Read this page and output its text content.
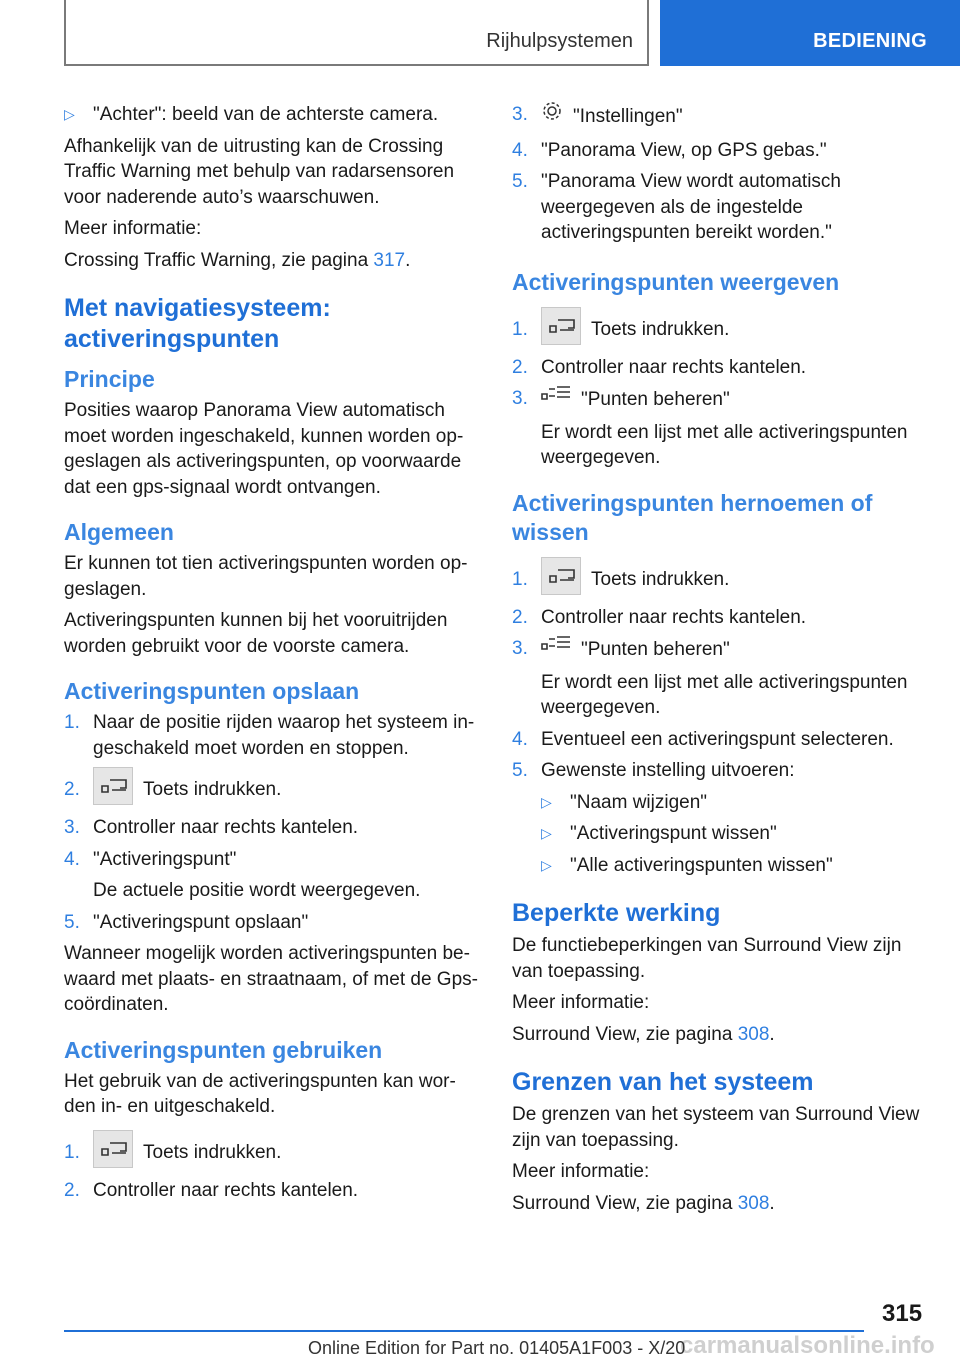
Rijhulpsystemen	BEDIENING
▷ "Achter": beeld van de achterste camera.

Afhankelijk van de uitrusting kan de Crossing Traffic Warning met behulp van radarsensoren voor naderende auto’s waarschuwen.

Meer informatie:

Crossing Traffic Warning, zie pagina 317.

Met navigatiesysteem: activeringspunten
Principe

Posities waarop Panorama View automatisch moet worden ingeschakeld, kunnen worden opgeslagen als activeringspunten, op voorwaarde dat een gps-signaal wordt ontvangen.

Algemeen

Er kunnen tot tien activeringspunten worden opgeslagen.

Activeringspunten kunnen bij het vooruitrijden worden gebruikt voor de voorste camera.

Activeringspunten opslaan
1. Naar de positie rijden waarop het systeem ingeschakeld moet worden en stoppen.
2.	Toets indrukken.
3. Controller naar rechts kantelen.
4. "Activeringspunt"
De actuele positie wordt weergegeven.
5. "Activeringspunt opslaan"

Wanneer mogelijk worden activeringspunten bewaard met plaats- en straatnaam, of met de Gps-coördinaten.

Activeringspunten gebruiken

Het gebruik van de activeringspunten kan worden in- en uitgeschakeld.

1.	Toets indrukken.
2. Controller naar rechts kantelen.
3. "Instellingen"
4. "Panorama View, op GPS gebas."
5. "Panorama View wordt automatisch weergegeven als de ingestelde activeringspunten bereikt worden."
Activeringspunten weergeven
1.	Toets indrukken.
2. Controller naar rechts kantelen.
3.	"Punten beheren"
Er wordt een lijst met alle activeringspunten weergegeven.
Activeringspunten hernoemen of wissen
1.	Toets indrukken.
2. Controller naar rechts kantelen.
3.	"Punten beheren"
Er wordt een lijst met alle activeringspunten weergegeven.
4. Eventueel een activeringspunt selecteren.
5. Gewenste instelling uitvoeren:
▷ "Naam wijzigen"
▷ "Activeringspunt wissen"
▷ "Alle activeringspunten wissen"
Beperkte werking

De functiebeperkingen van Surround View zijn van toepassing.

Meer informatie:

Surround View, zie pagina 308.

Grenzen van het systeem

De grenzen van het systeem van Surround View zijn van toepassing.

Meer informatie:

Surround View, zie pagina 308.

315
carmanualsonline.info
Online Edition for Part no. 01405A1F003 - X/20
